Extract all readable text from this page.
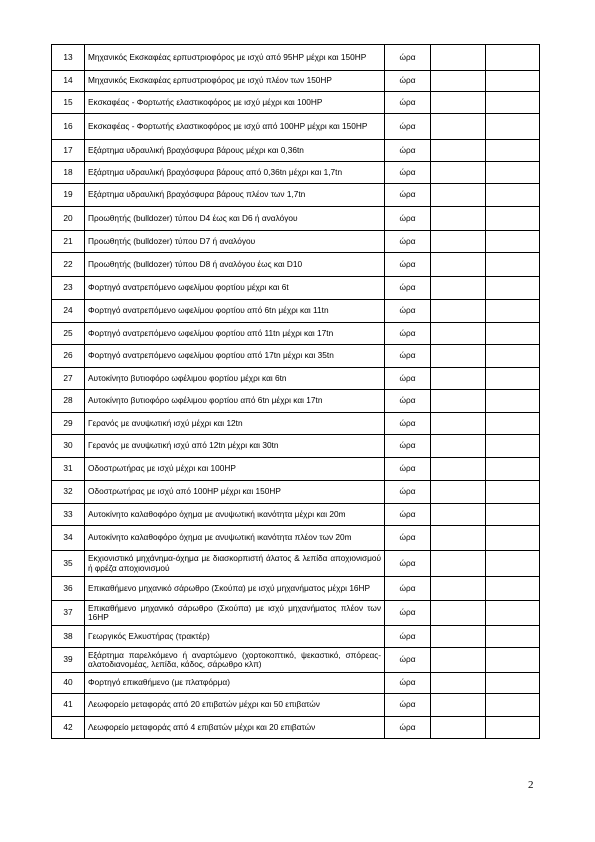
13	Μηχανικός Εκσκαφέας ερπυστριοφόρος με ισχύ από 95HP μέχρι και 150HP	ώρα		
14	Μηχανικός Εκσκαφέας ερπυστριοφόρος με ισχύ πλέον των 150HP	ώρα		
15	Εκσκαφέας - Φορτωτής ελαστικοφόρος με ισχύ μέχρι και 100HP	ώρα		
16	Εκσκαφέας - Φορτωτής ελαστικοφόρος με ισχύ από 100HP μέχρι και 150HP	ώρα		
17	Εξάρτημα υδραυλική βραχόσφυρα βάρους μέχρι και 0,36tn	ώρα		
18	Εξάρτημα υδραυλική βραχόσφυρα βάρους από 0,36tn μέχρι και 1,7tn	ώρα		
19	Εξάρτημα υδραυλική βραχόσφυρα βάρους πλέον των 1,7tn	ώρα		
20	Προωθητής (bulldozer) τύπου D4 έως και D6 ή αναλόγου	ώρα		
21	Προωθητής (bulldozer) τύπου D7 ή αναλόγου	ώρα		
22	Προωθητής (bulldozer) τύπου D8 ή αναλόγου έως και D10	ώρα		
23	Φορτηγό ανατρεπόμενο ωφελίμου φορτίου μέχρι και 6t	ώρα		
24	Φορτηγό ανατρεπόμενο ωφελίμου φορτίου από 6tn μέχρι και 11tn	ώρα		
25	Φορτηγό ανατρεπόμενο ωφελίμου φορτίου από 11tn μέχρι και 17tn	ώρα		
26	Φορτηγό ανατρεπόμενο ωφελίμου φορτίου από 17tn μέχρι και 35tn	ώρα		
27	Αυτοκίνητο βυτιοφόρο ωφέλιμου φορτίου μέχρι και 6tn	ώρα		
28	Αυτοκίνητο βυτιοφόρο ωφέλιμου φορτίου από 6tn μέχρι και 17tn	ώρα		
29	Γερανός με ανυψωτική ισχύ μέχρι και 12tn	ώρα		
30	Γερανός με ανυψωτική ισχύ από 12tn μέχρι και 30tn	ώρα		
31	Οδοστρωτήρας με ισχύ μέχρι και 100HP	ώρα		
32	Οδοστρωτήρας με ισχύ από 100HP μέχρι και 150HP	ώρα		
33	Αυτοκίνητο καλαθοφόρο όχημα με ανυψωτική ικανότητα μέχρι και 20m	ώρα		
34	Αυτοκίνητο καλαθοφόρο όχημα με ανυψωτική ικανότητα πλέον των 20m	ώρα		
35	Εκχιονιστικό μηχάνημα-όχημα με διασκορπιστή άλατος & λεπίδα αποχιονισμού ή φρέζα αποχιονισμού	ώρα		
36	Επικαθήμενο μηχανικό σάρωθρο (Σκούπα) με ισχύ μηχανήματος μέχρι 16HP	ώρα		
37	Επικαθήμενο μηχανικό σάρωθρο (Σκούπα) με ισχύ μηχανήματος πλέον των 16HP	ώρα		
38	Γεωργικός Ελκυστήρας (τρακτέρ)	ώρα		
39	Εξάρτημα παρελκόμενο ή αναρτώμενο (χορτοκοπτικό, ψεκαστικό, σπόρεας-αλατοδιανομέας, λεπίδα, κάδος, σάρωθρο κλπ)	ώρα		
40	Φορτηγό επικαθήμενο (με πλατφόρμα)	ώρα		
41	Λεωφορείο μεταφοράς από 20 επιβατών μέχρι και 50 επιβατών	ώρα		
42	Λεωφορείο μεταφοράς από 4 επιβατών μέχρι και 20 επιβατών	ώρα		
2
